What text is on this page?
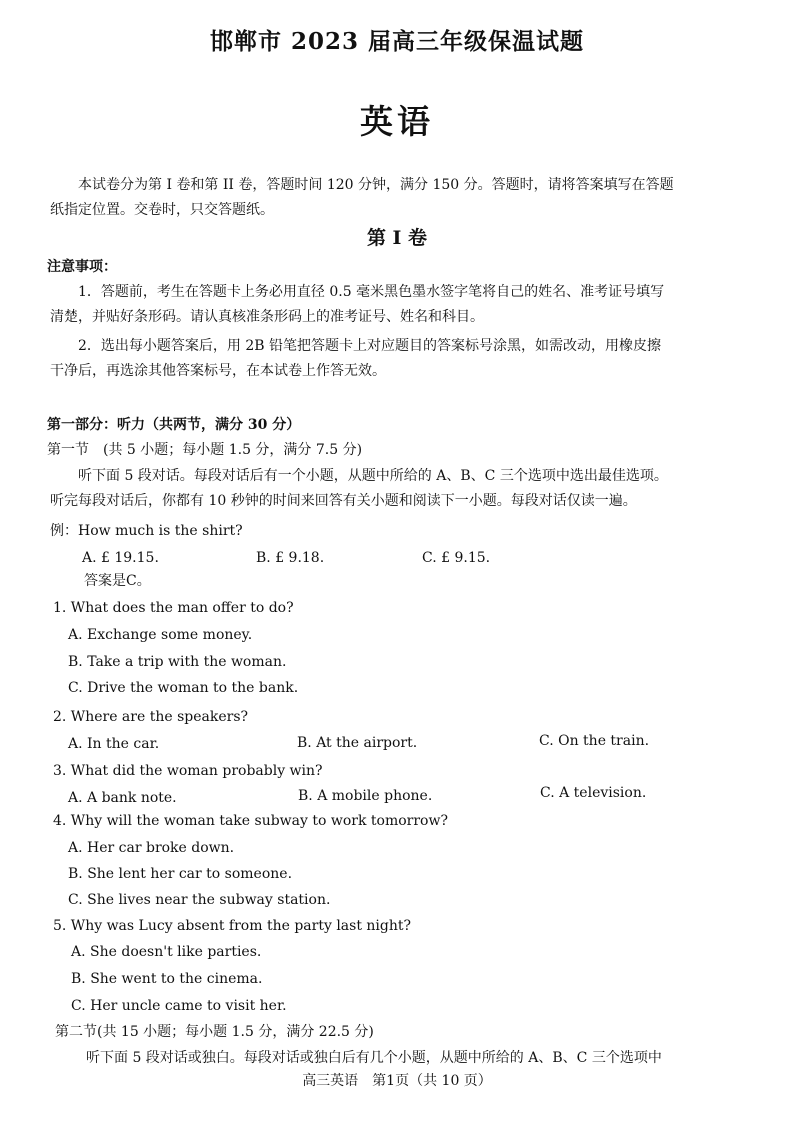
邯郸市 2023 届高三年级保温试题
英语

本试卷分为第 I 卷和第 II 卷，答题时间 120 分钟，满分 150 分。答题时，请将答案填写在答题

纸指定位置。交卷时，只交答题纸。

第 I 卷
注意事项：

1．答题前，考生在答题卡上务必用直径 0.5 毫米黑色墨水签字笔将自己的姓名、准考证号填写

清楚，并贴好条形码。请认真核准条形码上的准考证号、姓名和科目。

2．选出每小题答案后，用 2B 铅笔把答题卡上对应题目的答案标号涂黑，如需改动，用橡皮擦

干净后，再选涂其他答案标号，在本试卷上作答无效。

第一部分：听力（共两节，满分 30 分）
第一节　(共 5 小题；每小题 1.5 分，满分 7.5 分)

听下面 5 段对话。每段对话后有一个小题，从题中所给的 A、B、C 三个选项中选出最佳选项。

听完每段对话后，你都有 10 秒钟的时间来回答有关小题和阅读下一小题。每段对话仅读一遍。

例：How much is the shirt?
A. £ 19.15.	B. £ 9.18.	C. £ 9.15.
答案是C。
1. What does the man offer to do?
A. Exchange some money.
B. Take a trip with the woman.
C. Drive the woman to the bank.
2. Where are the speakers?
A. In the car.	B. At the airport.	C. On the train.
3. What did the woman probably win?
A. A bank note.	B. A mobile phone.	C. A television.
4. Why will the woman take subway to work tomorrow?
A. Her car broke down.
B. She lent her car to someone.
C. She lives near the subway station.
5. Why was Lucy absent from the party last night?
A. She doesn't like parties.
B. She went to the cinema.
C. Her uncle came to visit her.
第二节(共 15 小题；每小题 1.5 分，满分 22.5 分)
听下面 5 段对话或独白。每段对话或独白后有几个小题，从题中所给的 A、B、C 三个选项中
高三英语　第1页（共 10 页）
